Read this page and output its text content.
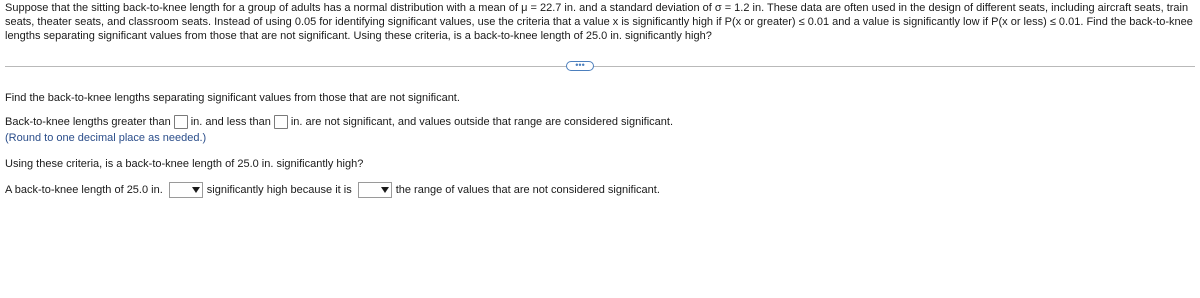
Suppose that the sitting back-to-knee length for a group of adults has a normal distribution with a mean of μ = 22.7 in. and a standard deviation of σ = 1.2 in. These data are often used in the design of different seats, including aircraft seats, train seats, theater seats, and classroom seats. Instead of using 0.05 for identifying significant values, use the criteria that a value x is significantly high if P(x or greater) ≤ 0.01 and a value is significantly low if P(x or less) ≤ 0.01. Find the back-to-knee lengths separating significant values from those that are not significant. Using these criteria, is a back-to-knee length of 25.0 in. significantly high?

•••

Find the back-to-knee lengths separating significant values from those that are not significant.

Back-to-knee lengths greater than in. and less than in. are not significant, and values outside that range are considered significant.

(Round to one decimal place as needed.)

Using these criteria, is a back-to-knee length of 25.0 in. significantly high?

A back-to-knee length of 25.0 in.	significantly high because it is	the range of values that are not considered significant.
